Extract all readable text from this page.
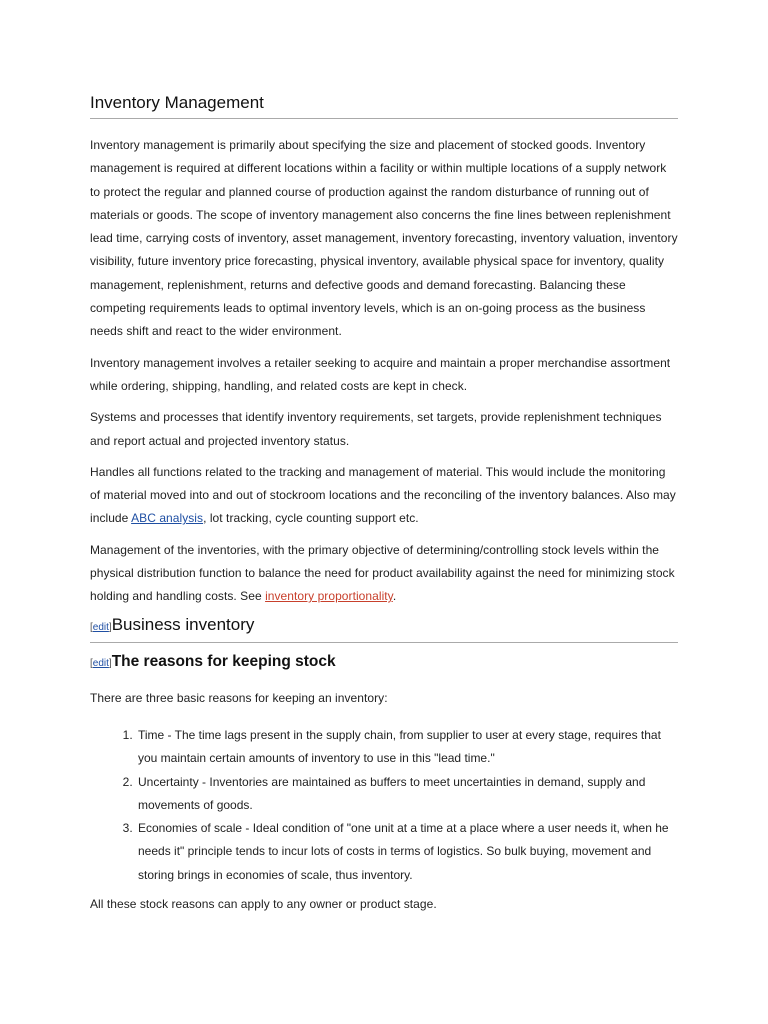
Inventory Management

Inventory management is primarily about specifying the size and placement of stocked goods. Inventory management is required at different locations within a facility or within multiple locations of a supply network to protect the regular and planned course of production against the random disturbance of running out of materials or goods. The scope of inventory management also concerns the fine lines between replenishment lead time, carrying costs of inventory, asset management, inventory forecasting, inventory valuation, inventory visibility, future inventory price forecasting, physical inventory, available physical space for inventory, quality management, replenishment, returns and defective goods and demand forecasting. Balancing these competing requirements leads to optimal inventory levels, which is an on-going process as the business needs shift and react to the wider environment.

Inventory management involves a retailer seeking to acquire and maintain a proper merchandise assortment while ordering, shipping, handling, and related costs are kept in check.

Systems and processes that identify inventory requirements, set targets, provide replenishment techniques and report actual and projected inventory status.

Handles all functions related to the tracking and management of material. This would include the monitoring of material moved into and out of stockroom locations and the reconciling of the inventory balances. Also may include ABC analysis, lot tracking, cycle counting support etc.

Management of the inventories, with the primary objective of determining/controlling stock levels within the physical distribution function to balance the need for product availability against the need for minimizing stock holding and handling costs. See inventory proportionality.

[edit]Business inventory
[edit]The reasons for keeping stock

There are three basic reasons for keeping an inventory:

1. Time - The time lags present in the supply chain, from supplier to user at every stage, requires that you maintain certain amounts of inventory to use in this "lead time."
2. Uncertainty - Inventories are maintained as buffers to meet uncertainties in demand, supply and movements of goods.
3. Economies of scale - Ideal condition of "one unit at a time at a place where a user needs it, when he needs it" principle tends to incur lots of costs in terms of logistics. So bulk buying, movement and storing brings in economies of scale, thus inventory.

All these stock reasons can apply to any owner or product stage.
